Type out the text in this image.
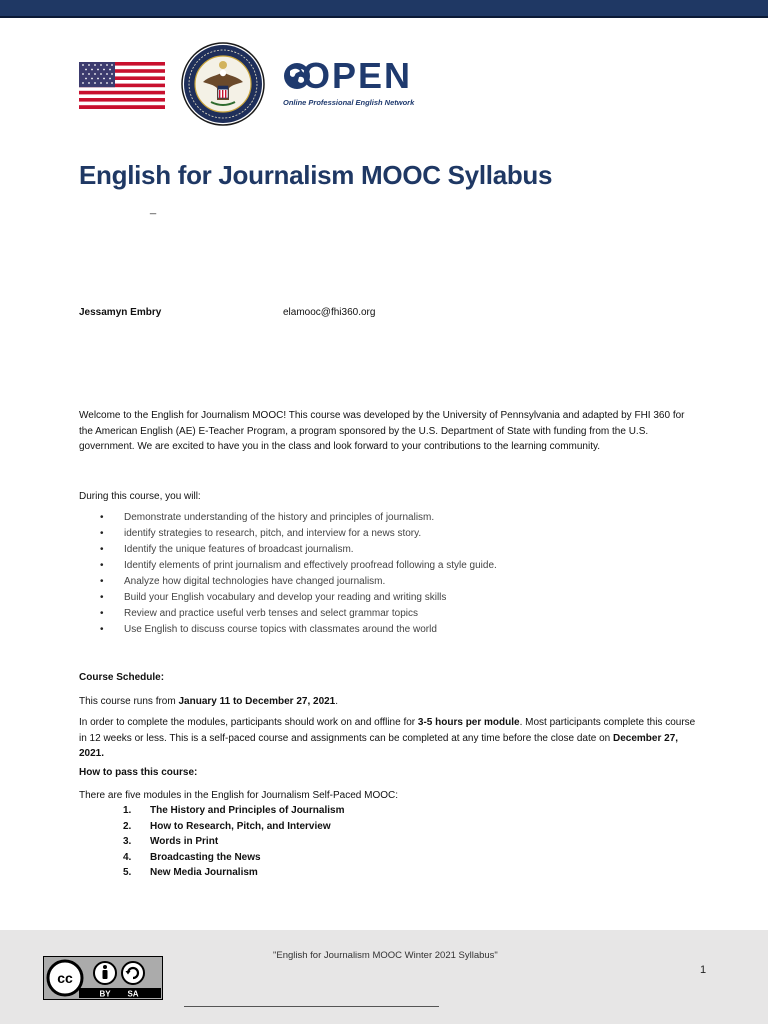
OPEN
Online Professional English Network
English for Journalism MOOC Syllabus
_
Jessamyn Embry	elamooc@fhi360.org

Welcome to the English for Journalism MOOC! This course was developed by the University of Pennsylvania and adapted by FHI 360 for the American English (AE) E-Teacher Program, a program sponsored by the U.S. Department of State with funding from the U.S. government. We are excited to have you in the class and look forward to your contributions to the learning community.

During this course, you will:

• Demonstrate understanding of the history and principles of journalism.
• identify strategies to research, pitch, and interview for a news story.
• Identify the unique features of broadcast journalism.
• Identify elements of print journalism and effectively proofread following a style guide.
• Analyze how digital technologies have changed journalism.
• Build your English vocabulary and develop your reading and writing skills
• Review and practice useful verb tenses and select grammar topics
• Use English to discuss course topics with classmates around the world
Course Schedule:

This course runs from January 11 to December 27, 2021.

In order to complete the modules, participants should work on and offline for 3-5 hours per module. Most participants complete this course in 12 weeks or less. This is a self-paced course and assignments can be completed at any time before the close date on December 27, 2021.

How to pass this course:

There are five modules in the English for Journalism Self-Paced MOOC:

1. The History and Principles of Journalism
2. How to Research, Pitch, and Interview
3. Words in Print
4. Broadcasting the News
5. New Media Journalism
cc
BY SA
"English for Journalism MOOC Winter 2021 Syllabus"
1
